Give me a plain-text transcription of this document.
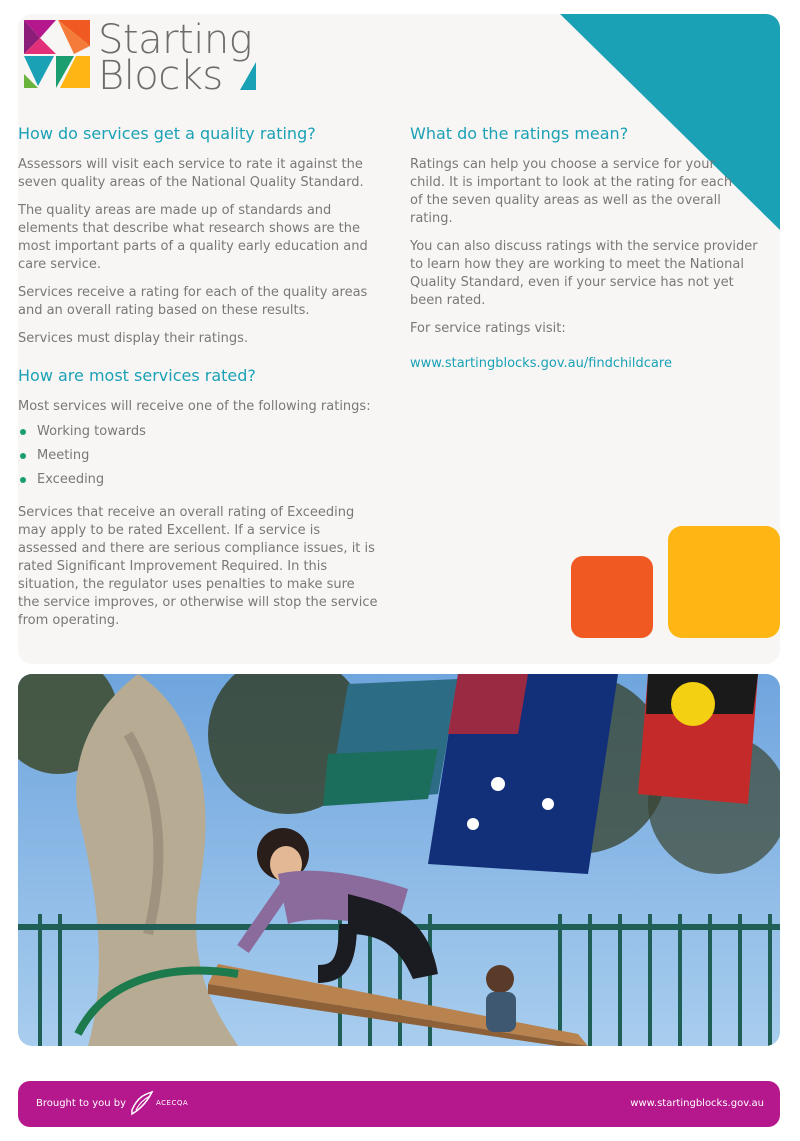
Starting
Blocks
How do services get a quality rating?

Assessors will visit each service to rate it against the seven quality areas of the National Quality Standard.

The quality areas are made up of standards and elements that describe what research shows are the most important parts of a quality early education and care service.

Services receive a rating for each of the quality areas and an overall rating based on these results.

Services must display their ratings.

How are most services rated?

Most services will receive one of the following ratings:

Working towards
Meeting
Exceeding

Services that receive an overall rating of Exceeding may apply to be rated Excellent. If a service is assessed and there are serious compliance issues, it is rated Significant Improvement Required. In this situation, the regulator uses penalties to make sure the service improves, or otherwise will stop the service from operating.

What do the ratings mean?

Ratings can help you choose a service for your child. It is important to look at the rating for each of the seven quality areas as well as the overall rating.

You can also discuss ratings with the service provider to learn how they are working to meet the National Quality Standard, even if your service has not yet been rated.

For service ratings visit:

www.startingblocks.gov.au/findchildcare
Brought to you by	ACECQA	www.startingblocks.gov.au
